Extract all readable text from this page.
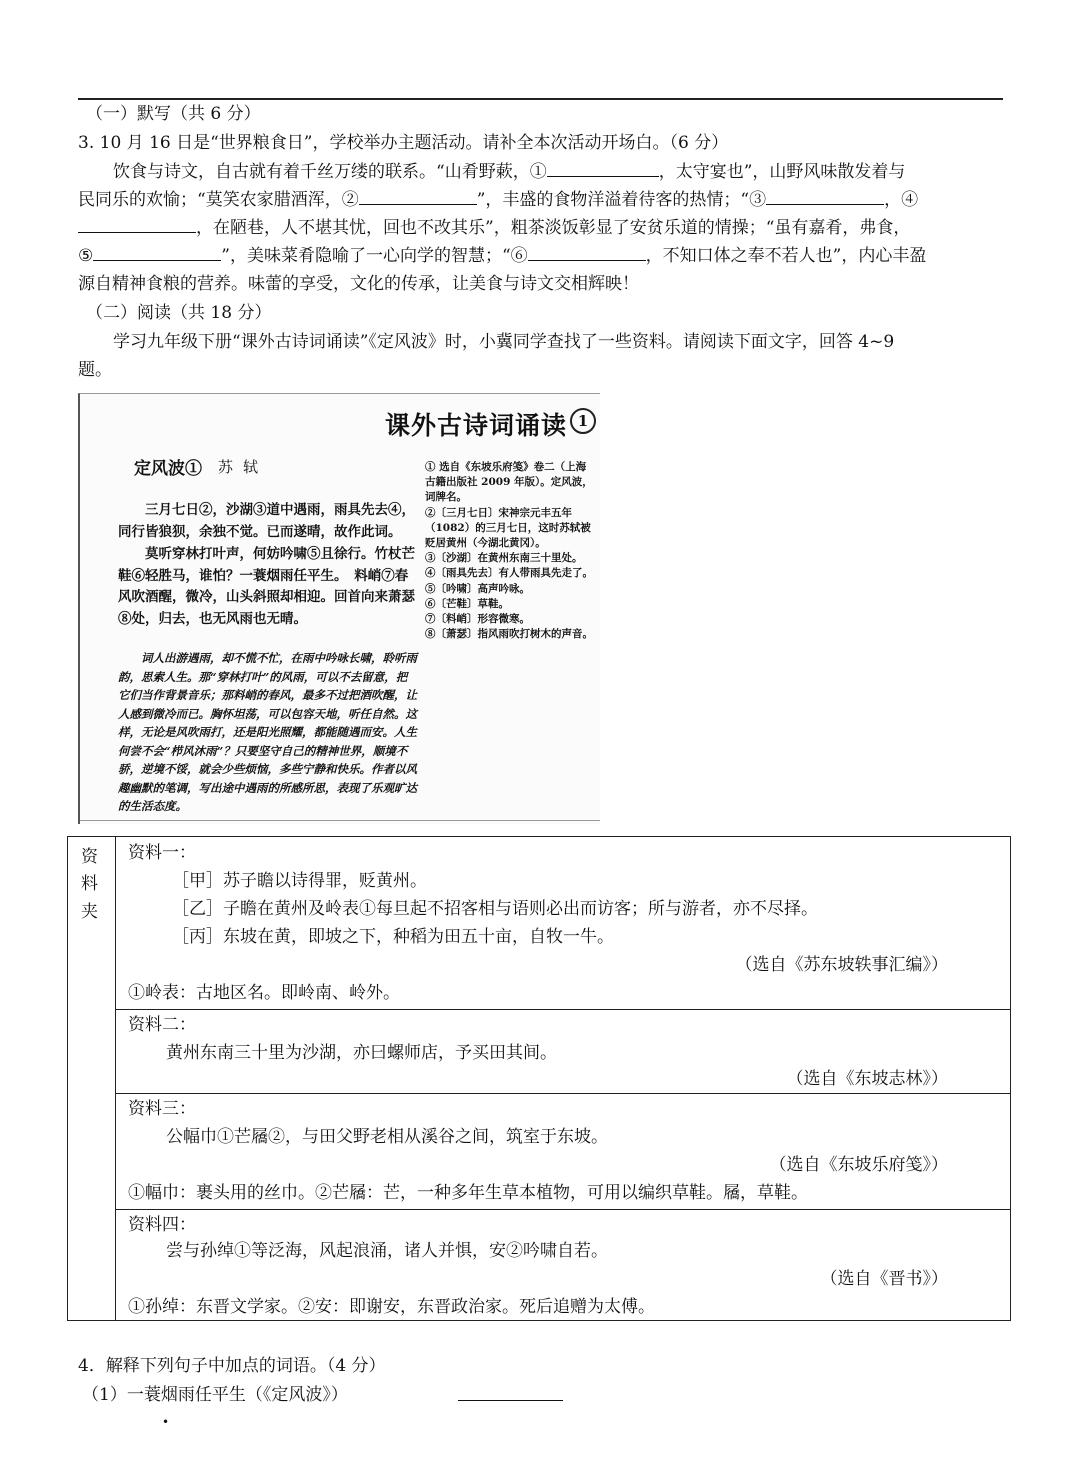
（一）默写（共 6 分）
3. 10 月 16 日是“世界粮食日”，学校举办主题活动。请补全本次活动开场白。（6 分）
饮食与诗文，自古就有着千丝万缕的联系。“山肴野蔌，①	，太守宴也”，山野风味散发着与
民同乐的欢愉；“莫笑农家腊酒浑，②	”，丰盛的食物洋溢着待客的热情；“③	，④
，在陋巷，人不堪其忧，回也不改其乐”，粗茶淡饭彰显了安贫乐道的情操；“虽有嘉肴，弗食，
⑤	”，美味菜肴隐喻了一心向学的智慧；“⑥	，不知口体之奉不若人也”，内心丰盈
源自精神食粮的营养。味蕾的享受，文化的传承，让美食与诗文交相辉映！
（二）阅读（共 18 分）
学习九年级下册“课外古诗词诵读”《定风波》时，小冀同学查找了一些资料。请阅读下面文字，回答 4~9
题。
课外古诗词诵读 1
定风波① 苏轼
三月七日②，沙湖③道中遇雨，雨具先去④，同行皆狼狈，余独不觉。已而遂晴，故作此词。
莫听穿林打叶声，何妨吟啸⑤且徐行。竹杖芒鞋⑥轻胜马，谁怕？一蓑烟雨任平生。　料峭⑦春风吹酒醒，微冷，山头斜照却相迎。回首向来萧瑟⑧处，归去，也无风雨也无晴。
① 选自《东坡乐府笺》卷二（上海古籍出版社 2009 年版）。定风波，词牌名。
②〔三月七日〕宋神宗元丰五年（1082）的三月七日，这时苏轼被贬居黄州（今湖北黄冈）。
③〔沙湖〕在黄州东南三十里处。
④〔雨具先去〕有人带雨具先走了。
⑤〔吟啸〕高声吟咏。
⑥〔芒鞋〕草鞋。
⑦〔料峭〕形容微寒。
⑧〔萧瑟〕指风雨吹打树木的声音。
词人出游遇雨，却不慌不忙，在雨中吟咏长啸，聆听雨韵，思索人生。那“穿林打叶”的风雨，可以不去留意，把它们当作背景音乐；那料峭的春风，最多不过把酒吹醒，让人感到微冷而已。胸怀坦荡，可以包容天地，听任自然。这样，无论是风吹雨打，还是阳光照耀，都能随遇而安。人生何尝不会“栉风沐雨”？只要坚守自己的精神世界，顺境不骄，逆境不馁，就会少些烦恼，多些宁静和快乐。作者以风趣幽默的笔调，写出途中遇雨的所感所思，表现了乐观旷达的生活态度。
资
料
夹
资料一：
［甲］苏子瞻以诗得罪，贬黄州。
［乙］子瞻在黄州及岭表①每旦起不招客相与语则必出而访客；所与游者，亦不尽择。
［丙］东坡在黄，即坡之下，种稻为田五十亩，自牧一牛。
（选自《苏东坡轶事汇编》）
①岭表：古地区名。即岭南、岭外。
资料二：
黄州东南三十里为沙湖，亦曰螺师店，予买田其间。
（选自《东坡志林》）
资料三：
公幅巾①芒屩②，与田父野老相从溪谷之间，筑室于东坡。
（选自《东坡乐府笺》）
①幅巾：裹头用的丝巾。②芒屩：芒，一种多年生草本植物，可用以编织草鞋。屩，草鞋。
资料四：
尝与孙绰①等泛海，风起浪涌，诸人并惧，安②吟啸自若。
（选自《晋书》）
①孙绰：东晋文学家。②安：即谢安，东晋政治家。死后追赠为太傅。
4．解释下列句子中加点的词语。（4 分）
（1）一蓑烟雨任平生（《定风波》）
•
